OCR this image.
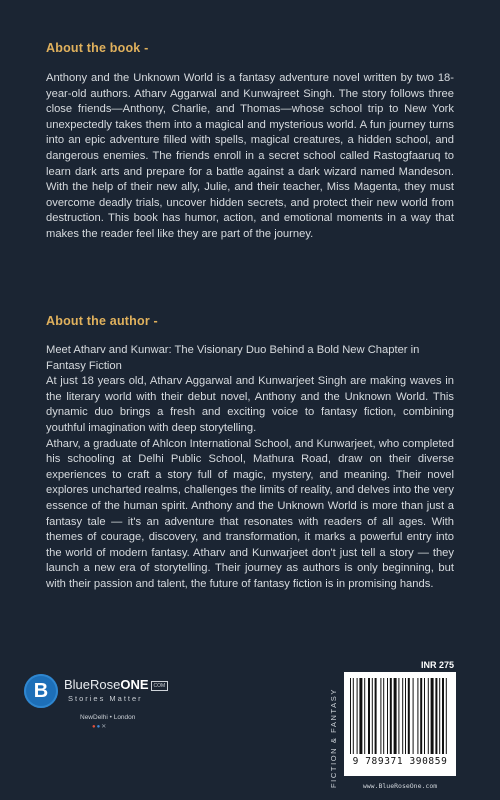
About the book -

Anthony and the Unknown World is a fantasy adventure novel written by two 18-year-old authors. Atharv Aggarwal and Kunwajreet Singh. The story follows three close friends—Anthony, Charlie, and Thomas—whose school trip to New York unexpectedly takes them into a magical and mysterious world. A fun journey turns into an epic adventure filled with spells, magical creatures, a hidden school, and dangerous enemies. The friends enroll in a secret school called Rastogfaaruq to learn dark arts and prepare for a battle against a dark wizard named Mandeson. With the help of their new ally, Julie, and their teacher, Miss Magenta, they must overcome deadly trials, uncover hidden secrets, and protect their new world from destruction. This book has humor, action, and emotional moments in a way that makes the reader feel like they are part of the journey.

About the author -

Meet Atharv and Kunwar: The Visionary Duo Behind a Bold New Chapter in Fantasy Fiction

At just 18 years old, Atharv Aggarwal and Kunwarjeet Singh are making waves in the literary world with their debut novel, Anthony and the Unknown World. This dynamic duo brings a fresh and exciting voice to fantasy fiction, combining youthful imagination with deep storytelling.

Atharv, a graduate of Ahlcon International School, and Kunwarjeet, who completed his schooling at Delhi Public School, Mathura Road, draw on their diverse experiences to craft a story full of magic, mystery, and meaning. Their novel explores uncharted realms, challenges the limits of reality, and delves into the very essence of the human spirit. Anthony and the Unknown World is more than just a fantasy tale — it's an adventure that resonates with readers of all ages. With themes of courage, discovery, and transformation, it marks a powerful entry into the world of modern fantasy. Atharv and Kunwarjeet don't just tell a story — they launch a new era of storytelling. Their journey as authors is only beginning, but with their passion and talent, the future of fantasy fiction is in promising hands.

B	BlueRoseONE COM
Stories Matter
NewDelhi • London
●●✕	FICTION & FANTASY
INR 275
9 789371 390859
www.BlueRoseOne.com
